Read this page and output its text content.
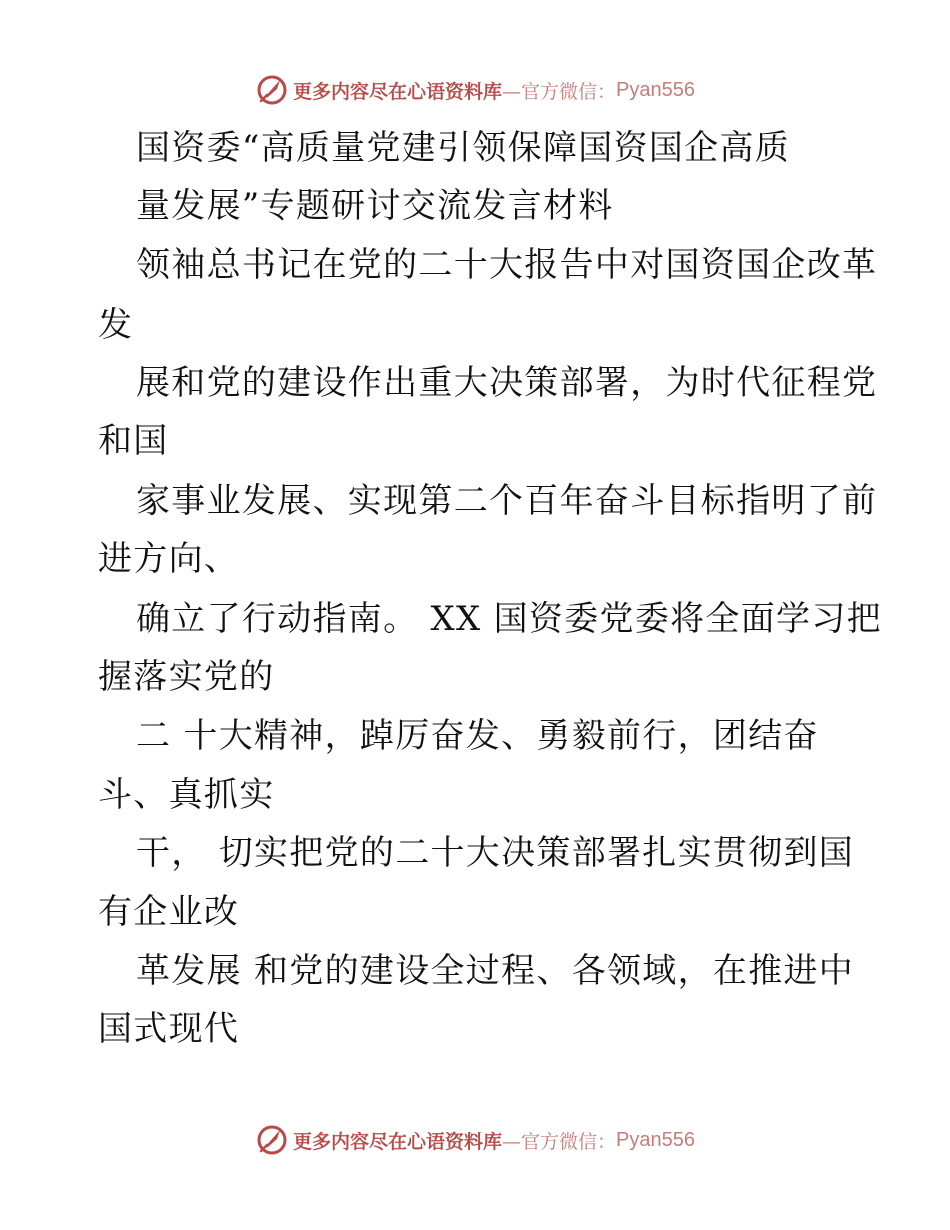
更多内容尽在心语资料库 —官方微信： Pyan556
国资委“高质量党建引领保障国资国企高质
量发展”专题研讨交流发言材料
领袖总书记在党的二十大报告中对国资国企改革
发
展和党的建设作出重大决策部署，为时代征程党
和国
家事业发展、实现第二个百年奋斗目标指明了前
进方向、
确立了行动指南。 XX 国资委党委将全面学习把
握落实党的
二 十大精神，踔厉奋发、勇毅前行，团结奋
斗、真抓实
干， 切实把党的二十大决策部署扎实贯彻到国
有企业改
革发展 和党的建设全过程、各领域，在推进中
国式现代
更多内容尽在心语资料库 —官方微信： Pyan556
